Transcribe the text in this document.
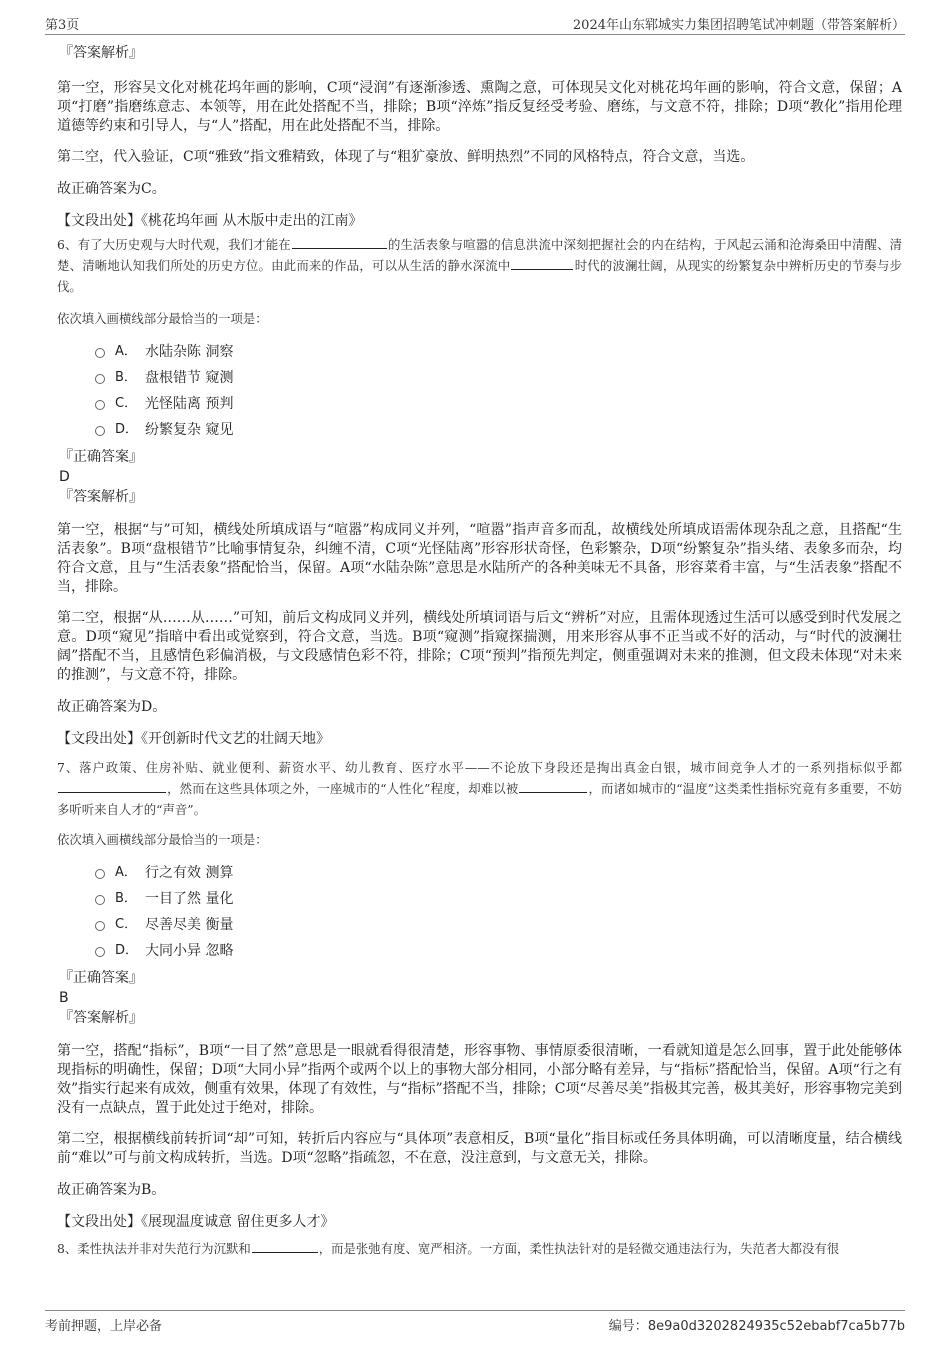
第3页	2024年山东郓城实力集团招聘笔试冲刺题（带答案解析）
『答案解析』

第一空，形容吴文化对桃花坞年画的影响，C项“浸润”有逐渐渗透、熏陶之意，可体现吴文化对桃花坞年画的影响，符合文意，保留；A项“打磨”指磨练意志、本领等，用在此处搭配不当，排除；B项“淬炼”指反复经受考验、磨练，与文意不符，排除；D项“教化”指用伦理道德等约束和引导人，与“人”搭配，用在此处搭配不当，排除。

第二空，代入验证，C项“雅致”指文雅精致，体现了与“粗犷豪放、鲜明热烈”不同的风格特点，符合文意，当选。

故正确答案为C。

【文段出处】《桃花坞年画 从木版中走出的江南》

6、有了大历史观与大时代观，我们才能在	的生活表象与喧嚣的信息洪流中深刻把握社会的内在结构，于风起云涌和沧海桑田中清醒、清楚、清晰地认知我们所处的历史方位。由此而来的作品，可以从生活的静水深流中	时代的波澜壮阔，从现实的纷繁复杂中辨析历史的节奏与步伐。

依次填入画横线部分最恰当的一项是：

A． 水陆杂陈 洞察
B． 盘根错节 窥测
C． 光怪陆离 预判
D． 纷繁复杂 窥见
『正确答案』
D
『答案解析』

第一空，根据“与”可知，横线处所填成语与“喧嚣”构成同义并列，“喧嚣”指声音多而乱，故横线处所填成语需体现杂乱之意，且搭配“生活表象”。B项“盘根错节”比喻事情复杂，纠缠不清，C项“光怪陆离”形容形状奇怪，色彩繁杂，D项“纷繁复杂”指头绪、表象多而杂，均符合文意，且与“生活表象”搭配恰当，保留。A项“水陆杂陈”意思是水陆所产的各种美味无不具备，形容菜肴丰富，与“生活表象”搭配不当，排除。

第二空，根据“从……从……”可知，前后文构成同义并列，横线处所填词语与后文“辨析”对应，且需体现透过生活可以感受到时代发展之意。D项“窥见”指暗中看出或觉察到，符合文意，当选。B项“窥测”指窥探揣测，用来形容从事不正当或不好的活动，与“时代的波澜壮阔”搭配不当，且感情色彩偏消极，与文段感情色彩不符，排除；C项“预判”指预先判定，侧重强调对未来的推测，但文段未体现“对未来的推测”，与文意不符，排除。

故正确答案为D。

【文段出处】《开创新时代文艺的壮阔天地》

7、落户政策、住房补贴、就业便利、薪资水平、幼儿教育、医疗水平——不论放下身段还是掏出真金白银，城市间竞争人才的一系列指标似乎都，然而在这些具体项之外，一座城市的“人性化”程度，却难以被	，而诸如城市的“温度”这类柔性指标究竟有多重要，不妨多听听来自人才的“声音”。

依次填入画横线部分最恰当的一项是：

A． 行之有效 测算
B． 一目了然 量化
C． 尽善尽美 衡量
D． 大同小异 忽略
『正确答案』
B
『答案解析』

第一空，搭配“指标”，B项“一目了然”意思是一眼就看得很清楚，形容事物、事情原委很清晰，一看就知道是怎么回事，置于此处能够体现指标的明确性，保留；D项“大同小异”指两个或两个以上的事物大部分相同，小部分略有差异，与“指标”搭配恰当，保留。A项“行之有效”指实行起来有成效，侧重有效果，体现了有效性，与“指标”搭配不当，排除；C项“尽善尽美”指极其完善，极其美好，形容事物完美到没有一点缺点，置于此处过于绝对，排除。

第二空，根据横线前转折词“却”可知，转折后内容应与“具体项”表意相反，B项“量化”指目标或任务具体明确，可以清晰度量，结合横线前“难以”可与前文构成转折，当选。D项“忽略”指疏忽，不在意，没注意到，与文意无关，排除。

故正确答案为B。

【文段出处】《展现温度诚意 留住更多人才》

8、柔性执法并非对失范行为沉默和	，而是张弛有度、宽严相济。一方面，柔性执法针对的是轻微交通违法行为，失范者大都没有很

考前押题，上岸必备	编号：8e9a0d3202824935c52ebabf7ca5b77b
